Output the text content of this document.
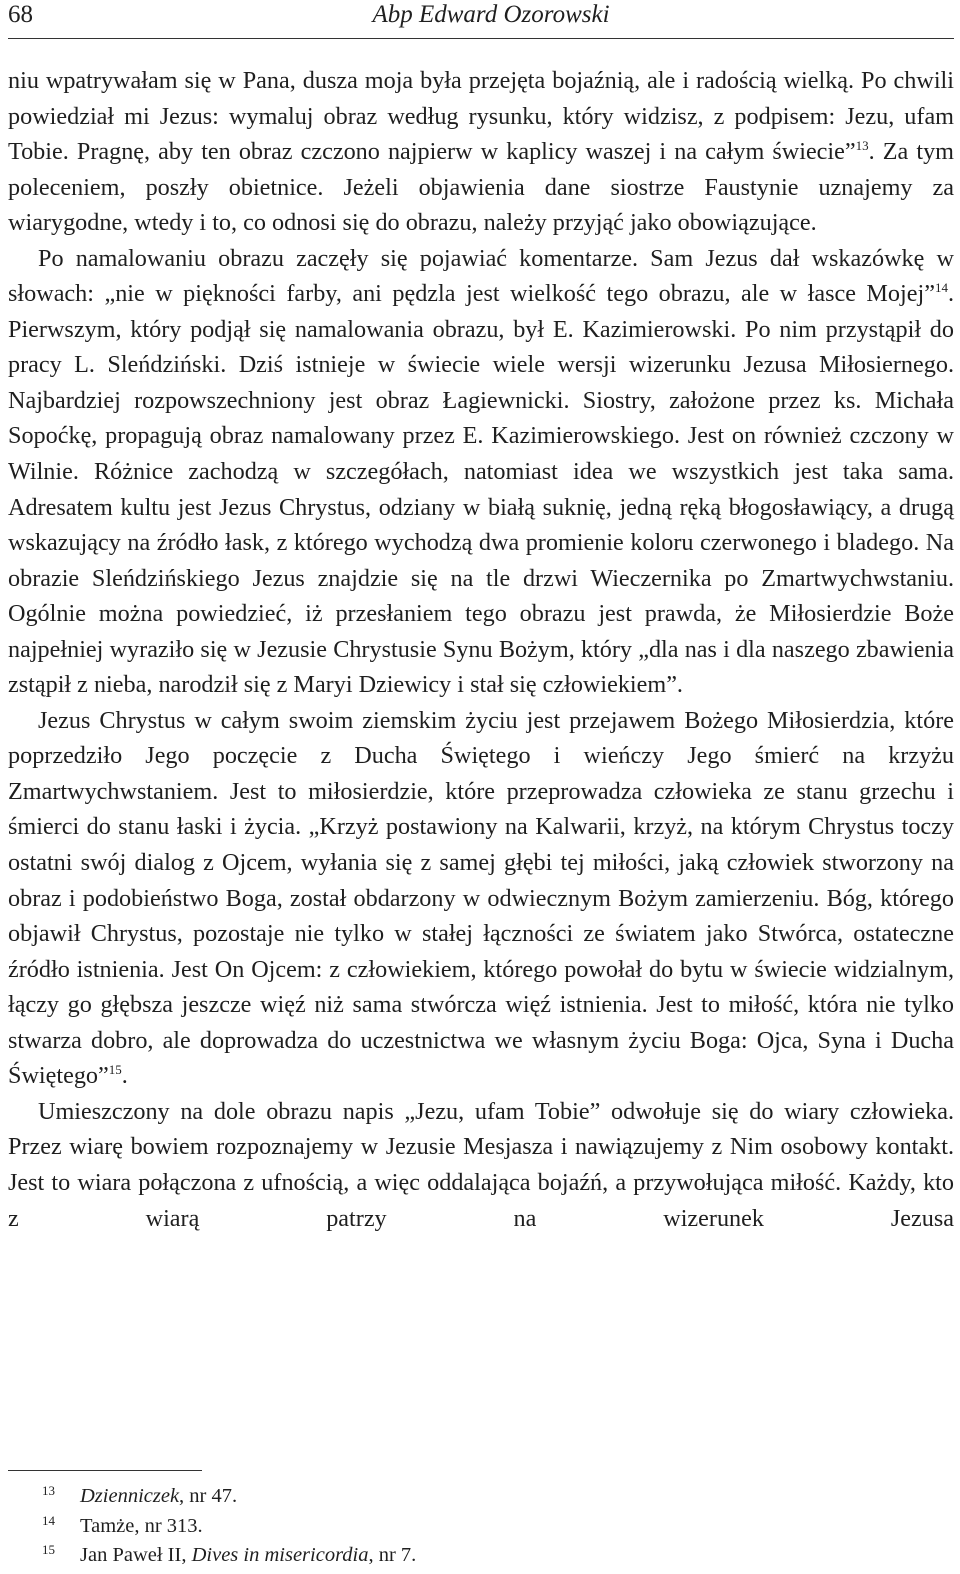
68	Abp Edward Ozorowski

niu wpatrywałam się w Pana, dusza moja była przejęta bojaźnią, ale i radością wielką. Po chwili powiedział mi Jezus: wymaluj obraz według rysunku, który widzisz, z podpisem: Jezu, ufam Tobie. Pragnę, aby ten obraz czczono najpierw w kaplicy waszej i na całym świecie”$^{13}$. Za tym poleceniem, poszły obietnice. Jeżeli objawienia dane siostrze Faustynie uznajemy za wiarygodne, wtedy i to, co odnosi się do obrazu, należy przyjąć jako obowiązujące.

Po namalowaniu obrazu zaczęły się pojawiać komentarze. Sam Jezus dał wskazówkę w słowach: „nie w piękności farby, ani pędzla jest wielkość tego obrazu, ale w łasce Mojej”$^{14}$. Pierwszym, który podjął się namalowania obrazu, był E. Kazimierowski. Po nim przystąpił do pracy L. Sleńdziński. Dziś istnieje w świecie wiele wersji wizerunku Jezusa Miłosiernego. Najbardziej rozpowszechniony jest obraz Łagiewnicki. Siostry, założone przez ks. Michała Sopoćkę, propagują obraz namalowany przez E. Kazimierowskiego. Jest on również czczony w Wilnie. Różnice zachodzą w szczegółach, natomiast idea we wszystkich jest taka sama. Adresatem kultu jest Jezus Chrystus, odziany w białą suknię, jedną ręką błogosławiący, a drugą wskazujący na źródło łask, z którego wychodzą dwa promienie koloru czerwonego i bladego. Na obrazie Sleńdzińskiego Jezus znajdzie się na tle drzwi Wieczernika po Zmartwychwstaniu. Ogólnie można powiedzieć, iż przesłaniem tego obrazu jest prawda, że Miłosierdzie Boże najpełniej wyraziło się w Jezusie Chrystusie Synu Bożym, który „dla nas i dla naszego zbawienia zstąpił z nieba, narodził się z Maryi Dziewicy i stał się człowiekiem”.

Jezus Chrystus w całym swoim ziemskim życiu jest przejawem Bożego Miłosierdzia, które poprzedziło Jego poczęcie z Ducha Świętego i wieńczy Jego śmierć na krzyżu Zmartwychwstaniem. Jest to miłosierdzie, które przeprowadza człowieka ze stanu grzechu i śmierci do stanu łaski i życia. „Krzyż postawiony na Kalwarii, krzyż, na którym Chrystus toczy ostatni swój dialog z Ojcem, wyłania się z samej głębi tej miłości, jaką człowiek stworzony na obraz i podobieństwo Boga, został obdarzony w odwiecznym Bożym zamierzeniu. Bóg, którego objawił Chrystus, pozostaje nie tylko w stałej łączności ze światem jako Stwórca, ostateczne źródło istnienia. Jest On Ojcem: z człowiekiem, którego powołał do bytu w świecie widzialnym, łączy go głębsza jeszcze więź niż sama stwórcza więź istnienia. Jest to miłość, która nie tylko stwarza dobro, ale doprowadza do uczestnictwa we własnym życiu Boga: Ojca, Syna i Ducha Świętego”$^{15}$.

Umieszczony na dole obrazu napis „Jezu, ufam Tobie” odwołuje się do wiary człowieka. Przez wiarę bowiem rozpoznajemy w Jezusie Mesjasza i nawiązujemy z Nim osobowy kontakt. Jest to wiara połączona z ufnością, a więc oddalająca bojaźń, a przywołująca miłość. Każdy, kto z wiarą patrzy na wizerunek Jezusa

13 Dzienniczek, nr 47.
14 Tamże, nr 313.
15 Jan Paweł II, Dives in misericordia, nr 7.
